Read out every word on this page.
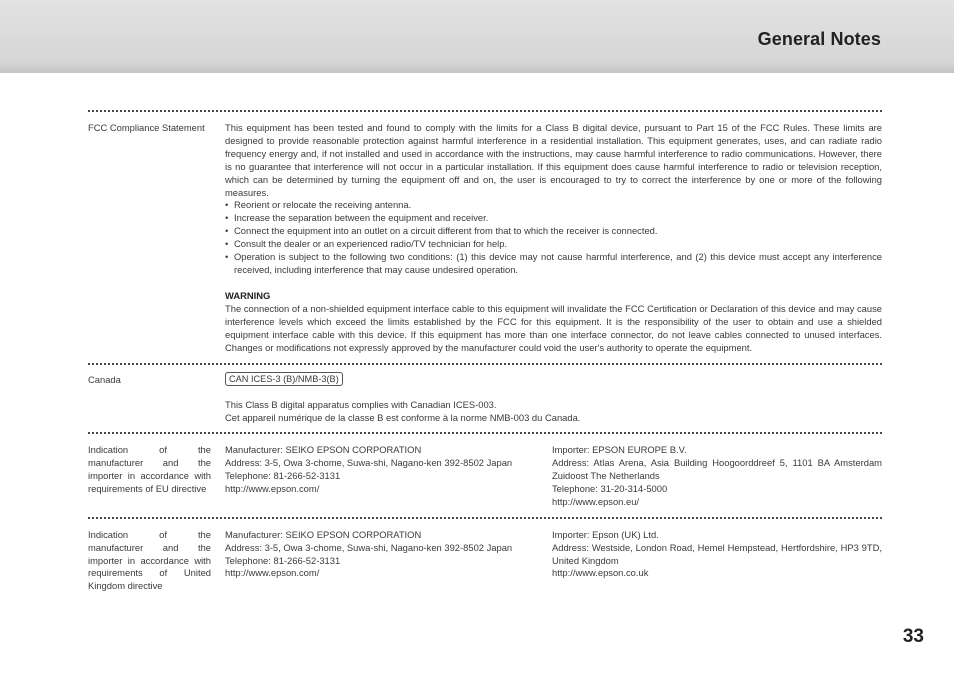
General Notes
FCC Compliance Statement	This equipment has been tested and found to comply with the limits for a Class B digital device, pursuant to Part 15 of the FCC Rules. These limits are designed to provide reasonable protection against harmful interference in a residential installation. This equipment generates, uses, and can radiate radio frequency energy and, if not installed and used in accordance with the instructions, may cause harmful interference to radio communications. However, there is no guarantee that interference will not occur in a particular installation. If this equipment does cause harmful interference to radio or television reception, which can be determined by turning the equipment off and on, the user is encouraged to try to correct the interference by one or more of the following measures.

• Reorient or relocate the receiving antenna.
• Increase the separation between the equipment and receiver.
• Connect the equipment into an outlet on a circuit different from that to which the receiver is connected.
• Consult the dealer or an experienced radio/TV technician for help.
• Operation is subject to the following two conditions: (1) this device may not cause harmful interference, and (2) this device must accept any interference received, including interference that may cause undesired operation.

WARNING

The connection of a non-shielded equipment interface cable to this equipment will invalidate the FCC Certification or Declaration of this device and may cause interference levels which exceed the limits established by the FCC for this equipment. It is the responsibility of the user to obtain and use a shielded equipment interface cable with this device. If this equipment has more than one interface connector, do not leave cables connected to unused interfaces. Changes or modifications not expressly approved by the manufacturer could void the user's authority to operate the equipment.

Canada	CAN ICES-3 (B)/NMB-3(B)

This Class B digital apparatus complies with Canadian ICES-003.

Cet appareil numérique de la classe B est conforme à la norme NMB-003 du Canada.

Indication of the manufacturer and the importer in accordance with requirements of EU directive

Manufacturer: SEIKO EPSON CORPORATION

Address: 3-5, Owa 3-chome, Suwa-shi, Nagano-ken 392-8502 Japan

Telephone: 81-266-52-3131

http://www.epson.com/

Importer: EPSON EUROPE B.V.

Address: Atlas Arena, Asia Building Hoogoorddreef 5, 1101 BA Amsterdam Zuidoost The Netherlands

Telephone: 31-20-314-5000

http://www.epson.eu/

Indication of the manufacturer and the importer in accordance with requirements of United Kingdom directive

Manufacturer: SEIKO EPSON CORPORATION

Address: 3-5, Owa 3-chome, Suwa-shi, Nagano-ken 392-8502 Japan

Telephone: 81-266-52-3131

http://www.epson.com/

Importer: Epson (UK) Ltd.

Address: Westside, London Road, Hemel Hempstead, Hertfordshire, HP3 9TD, United Kingdom

http://www.epson.co.uk

33
